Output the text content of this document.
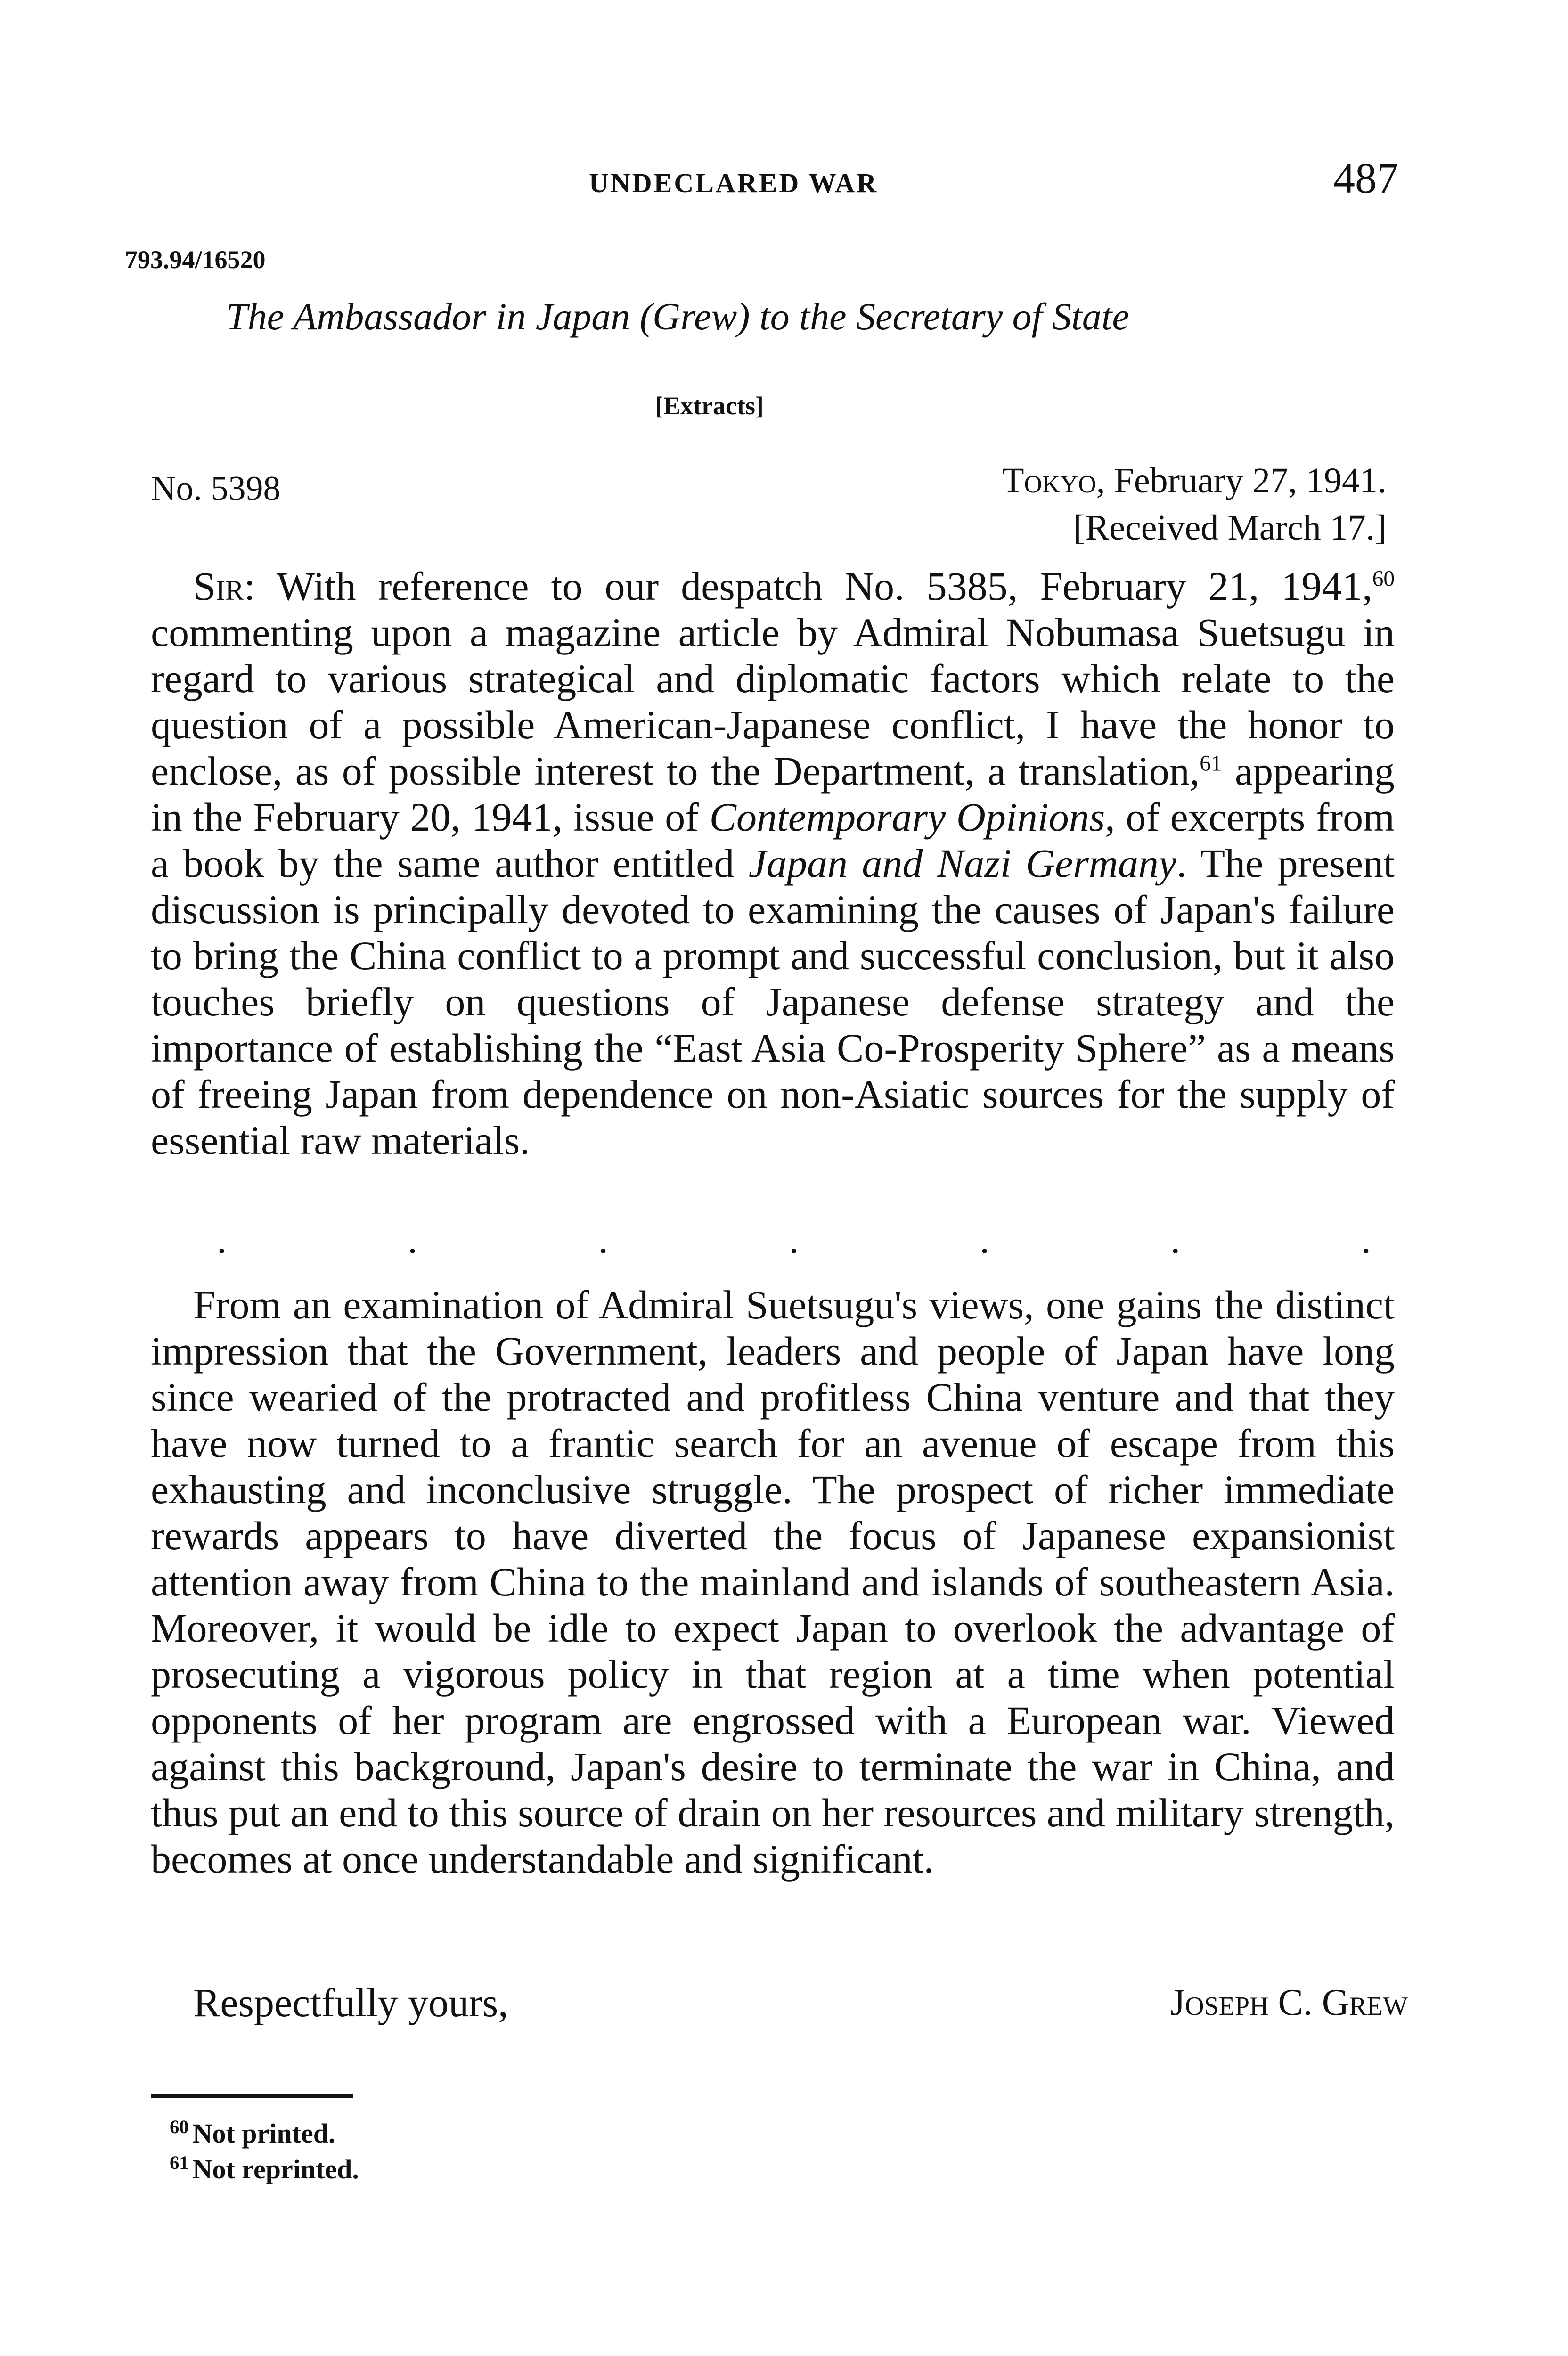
UNDECLARED WAR	487
793.94/16520
The Ambassador in Japan (Grew) to the Secretary of State
[Extracts]
No. 5398	Tokyo, February 27, 1941.
[Received March 17.]
Sir: With reference to our despatch No. 5385, February 21, 1941,60 commenting upon a magazine article by Admiral Nobumasa Suetsugu in regard to various strategical and diplomatic factors which relate to the question of a possible American-Japanese conflict, I have the honor to enclose, as of possible interest to the Department, a translation,$^{61}$ appearing in the February 20, 1941, issue of Contemporary Opinions, of excerpts from a book by the same author entitled Japan and Nazi Germany. The present discussion is principally devoted to examining the causes of Japan's failure to bring the China conflict to a prompt and successful conclusion, but it also touches briefly on questions of Japanese defense strategy and the importance of establishing the “East Asia Co-Prosperity Sphere” as a means of freeing Japan from dependence on non-Asiatic sources for the supply of essential raw materials.
.	.	.	.	.	.	.
From an examination of Admiral Suetsugu's views, one gains the distinct impression that the Government, leaders and people of Japan have long since wearied of the protracted and profitless China venture and that they have now turned to a frantic search for an avenue of escape from this exhausting and inconclusive struggle. The prospect of richer immediate rewards appears to have diverted the focus of Japanese expansionist attention away from China to the mainland and islands of southeastern Asia. Moreover, it would be idle to expect Japan to overlook the advantage of prosecuting a vigorous policy in that region at a time when potential opponents of her program are engrossed with a European war. Viewed against this background, Japan's desire to terminate the war in China, and thus put an end to this source of drain on her resources and military strength, becomes at once understandable and significant.
Respectfully yours,	Joseph C. Grew
$^{60}$ Not printed.
$^{61}$ Not reprinted.
